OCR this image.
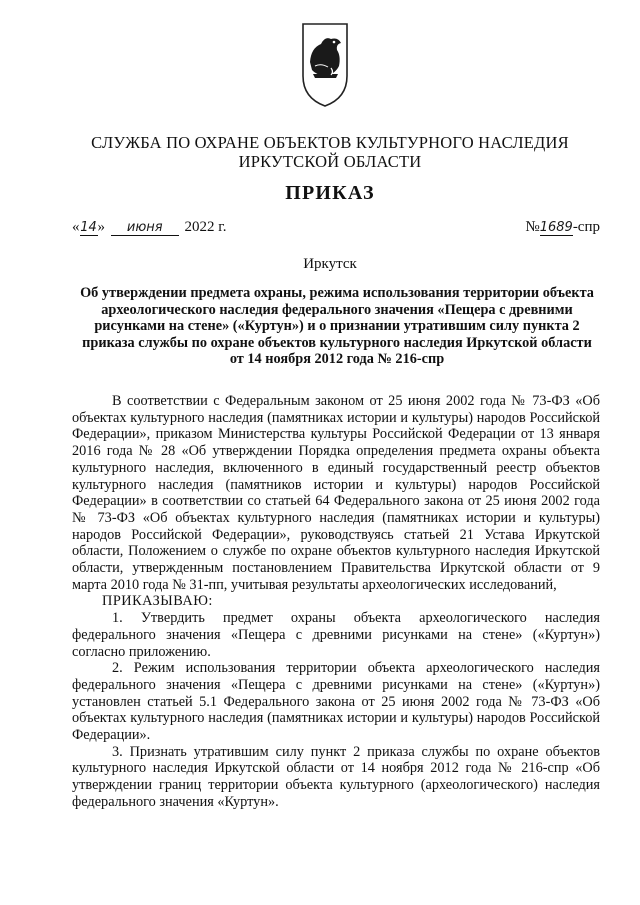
СЛУЖБА ПО ОХРАНЕ ОБЪЕКТОВ КУЛЬТУРНОГО НАСЛЕДИЯ
ИРКУТСКОЙ ОБЛАСТИ
ПРИКАЗ
«14» июня 2022 г.	№1689-спр
Иркутск
Об утверждении предмета охраны, режима использования территории объекта археологического наследия федерального значения «Пещера с древними рисунками на стене» («Куртун») и о признании утратившим силу пункта 2 приказа службы по охране объектов культурного наследия Иркутской области от 14 ноября 2012 года № 216-спр

В соответствии с Федеральным законом от 25 июня 2002 года № 73-ФЗ «Об объектах культурного наследия (памятниках истории и культуры) народов Российской Федерации», приказом Министерства культуры Российской Федерации от 13 января 2016 года № 28 «Об утверждении Порядка определения предмета охраны объекта культурного наследия, включенного в единый государственный реестр объектов культурного наследия (памятников истории и культуры) народов Российской Федерации» в соответствии со статьей 64 Федерального закона от 25 июня 2002 года № 73-ФЗ «Об объектах культурного наследия (памятниках истории и культуры) народов Российской Федерации», руководствуясь статьей 21 Устава Иркутской области, Положением о службе по охране объектов культурного наследия Иркутской области, утвержденным постановлением Правительства Иркутской области от 9 марта 2010 года № 31-пп, учитывая результаты археологических исследований,

ПРИКАЗЫВАЮ:

1. Утвердить предмет охраны объекта археологического наследия федерального значения «Пещера с древними рисунками на стене» («Куртун») согласно приложению.

2. Режим использования территории объекта археологического наследия федерального значения «Пещера с древними рисунками на стене» («Куртун») установлен статьей 5.1 Федерального закона от 25 июня 2002 года № 73-ФЗ «Об объектах культурного наследия (памятниках истории и культуры) народов Российской Федерации».

3. Признать утратившим силу пункт 2 приказа службы по охране объектов культурного наследия Иркутской области от 14 ноября 2012 года № 216-спр «Об утверждении границ территории объекта культурного (археологического) наследия федерального значения «Куртун».
